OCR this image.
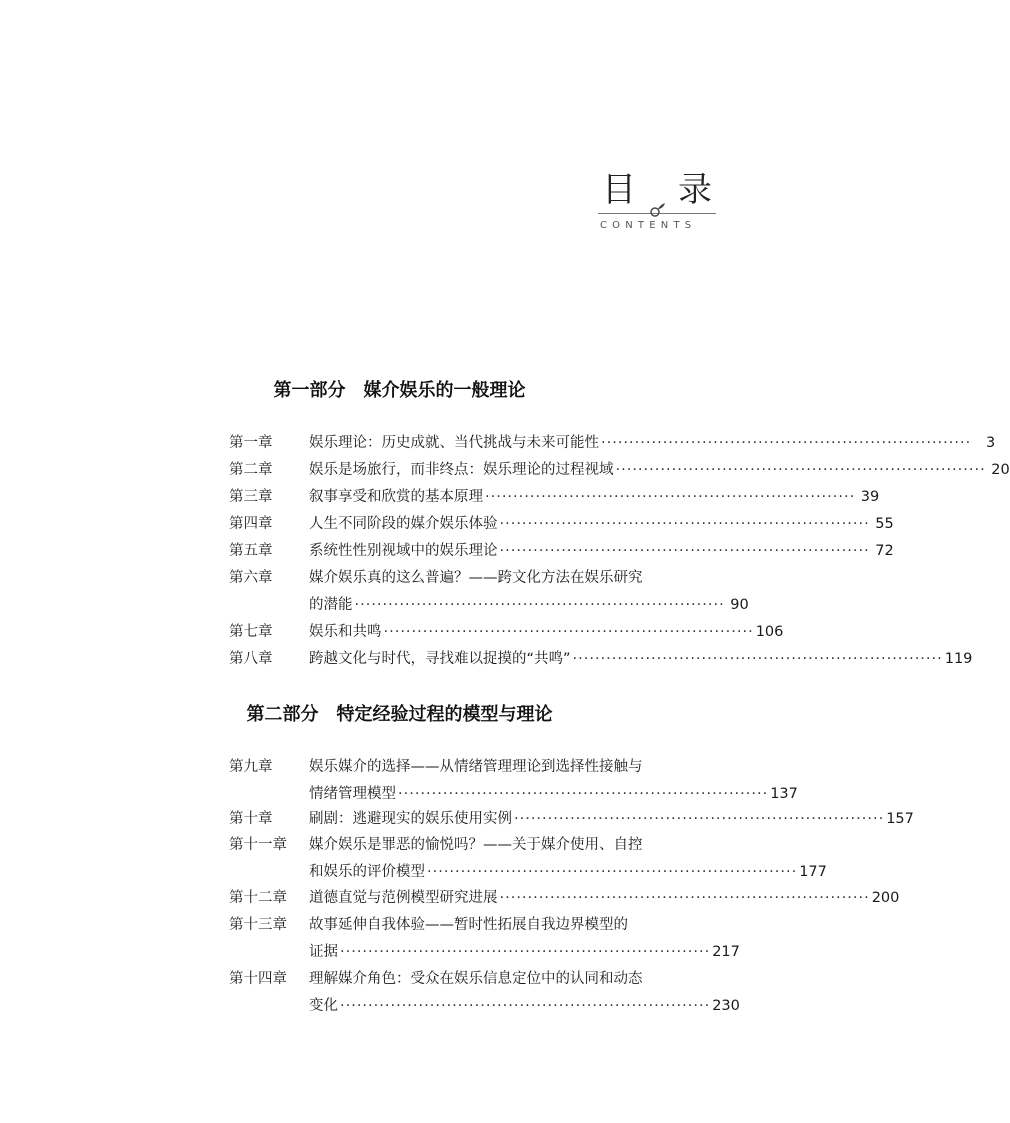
目 录
CONTENTS
第一部分　媒介娱乐的一般理论
第一章	娱乐理论：历史成就、当代挑战与未来可能性 ··································································	3
第二章	娱乐是场旅行，而非终点：娱乐理论的过程视域 ·································································· 20
第三章	叙事享受和欣赏的基本原理 ·································································· 39
第四章	人生不同阶段的媒介娱乐体验 ·································································· 55
第五章	系统性性别视域中的娱乐理论 ·································································· 72
第六章	媒介娱乐真的这么普遍？——跨文化方法在娱乐研究
的潜能 ·································································· 90
第七章	娱乐和共鸣 ·································································· 106
第八章	跨越文化与时代，寻找难以捉摸的“共鸣” ·································································· 119
第二部分　特定经验过程的模型与理论
第九章	娱乐媒介的选择——从情绪管理理论到选择性接触与
情绪管理模型 ·································································· 137
第十章	刷剧：逃避现实的娱乐使用实例 ·································································· 157
第十一章 媒介娱乐是罪恶的愉悦吗？——关于媒介使用、自控
和娱乐的评价模型 ·································································· 177
第十二章 道德直觉与范例模型研究进展 ·································································· 200
第十三章 故事延伸自我体验——暂时性拓展自我边界模型的
证据 ·································································· 217
第十四章 理解媒介角色：受众在娱乐信息定位中的认同和动态
变化 ·································································· 230
